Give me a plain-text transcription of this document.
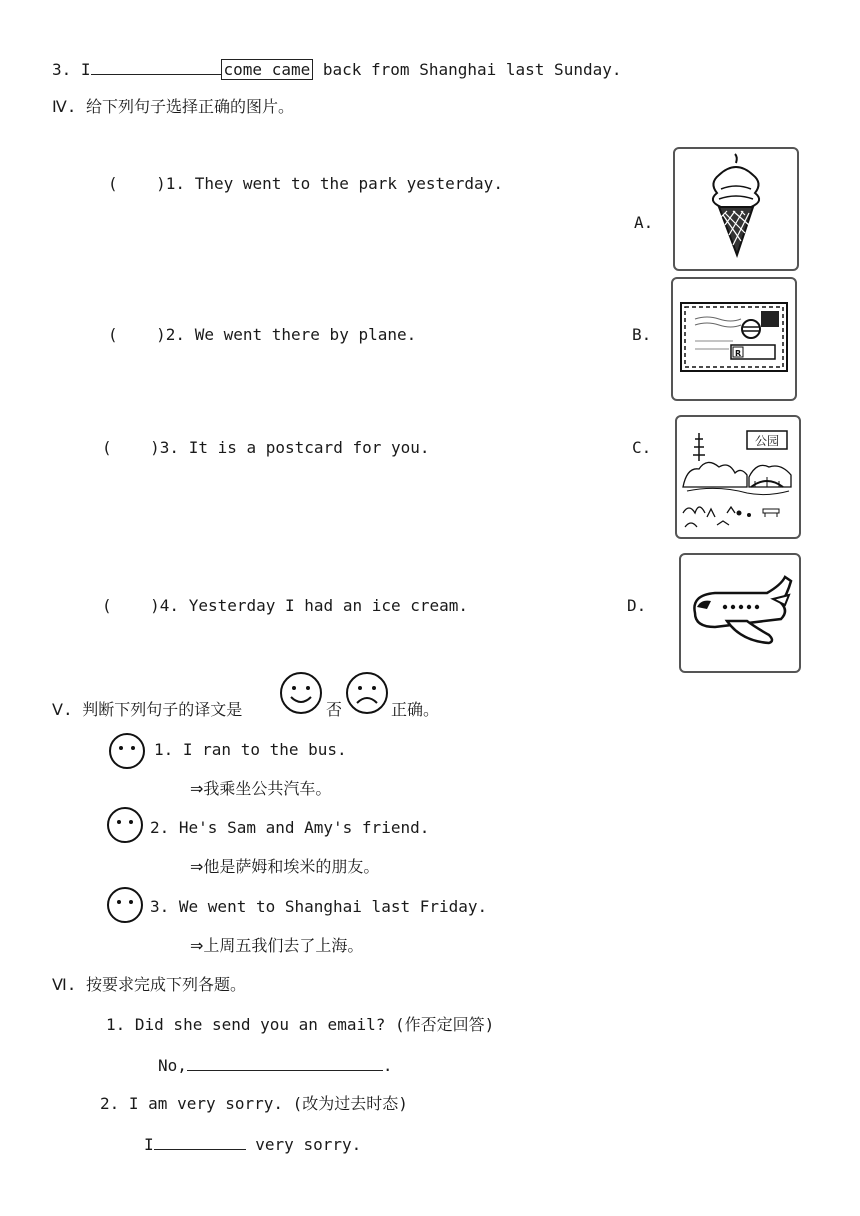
3. I	come came back from Shanghai last Sunday.
Ⅳ. 给下列句子选择正确的图片。
(    )1. They went to the park yesterday.
(    )2. We went there by plane.
(    )3. It is a postcard for you.
(    )4. Yesterday I had an ice cream.
A.
B.
C.
D.
R
公园
Ⅴ. 判断下列句子的译文是	否	正确。
1. I ran to the bus.
⇒我乘坐公共汽车。
2. He's Sam and Amy's friend.
⇒他是萨姆和埃米的朋友。
3. We went to Shanghai last Friday.
⇒上周五我们去了上海。
Ⅵ. 按要求完成下列各题。
1. Did she send you an email? (作否定回答)
No,	.
2. I am very sorry. (改为过去时态)
I	very sorry.
